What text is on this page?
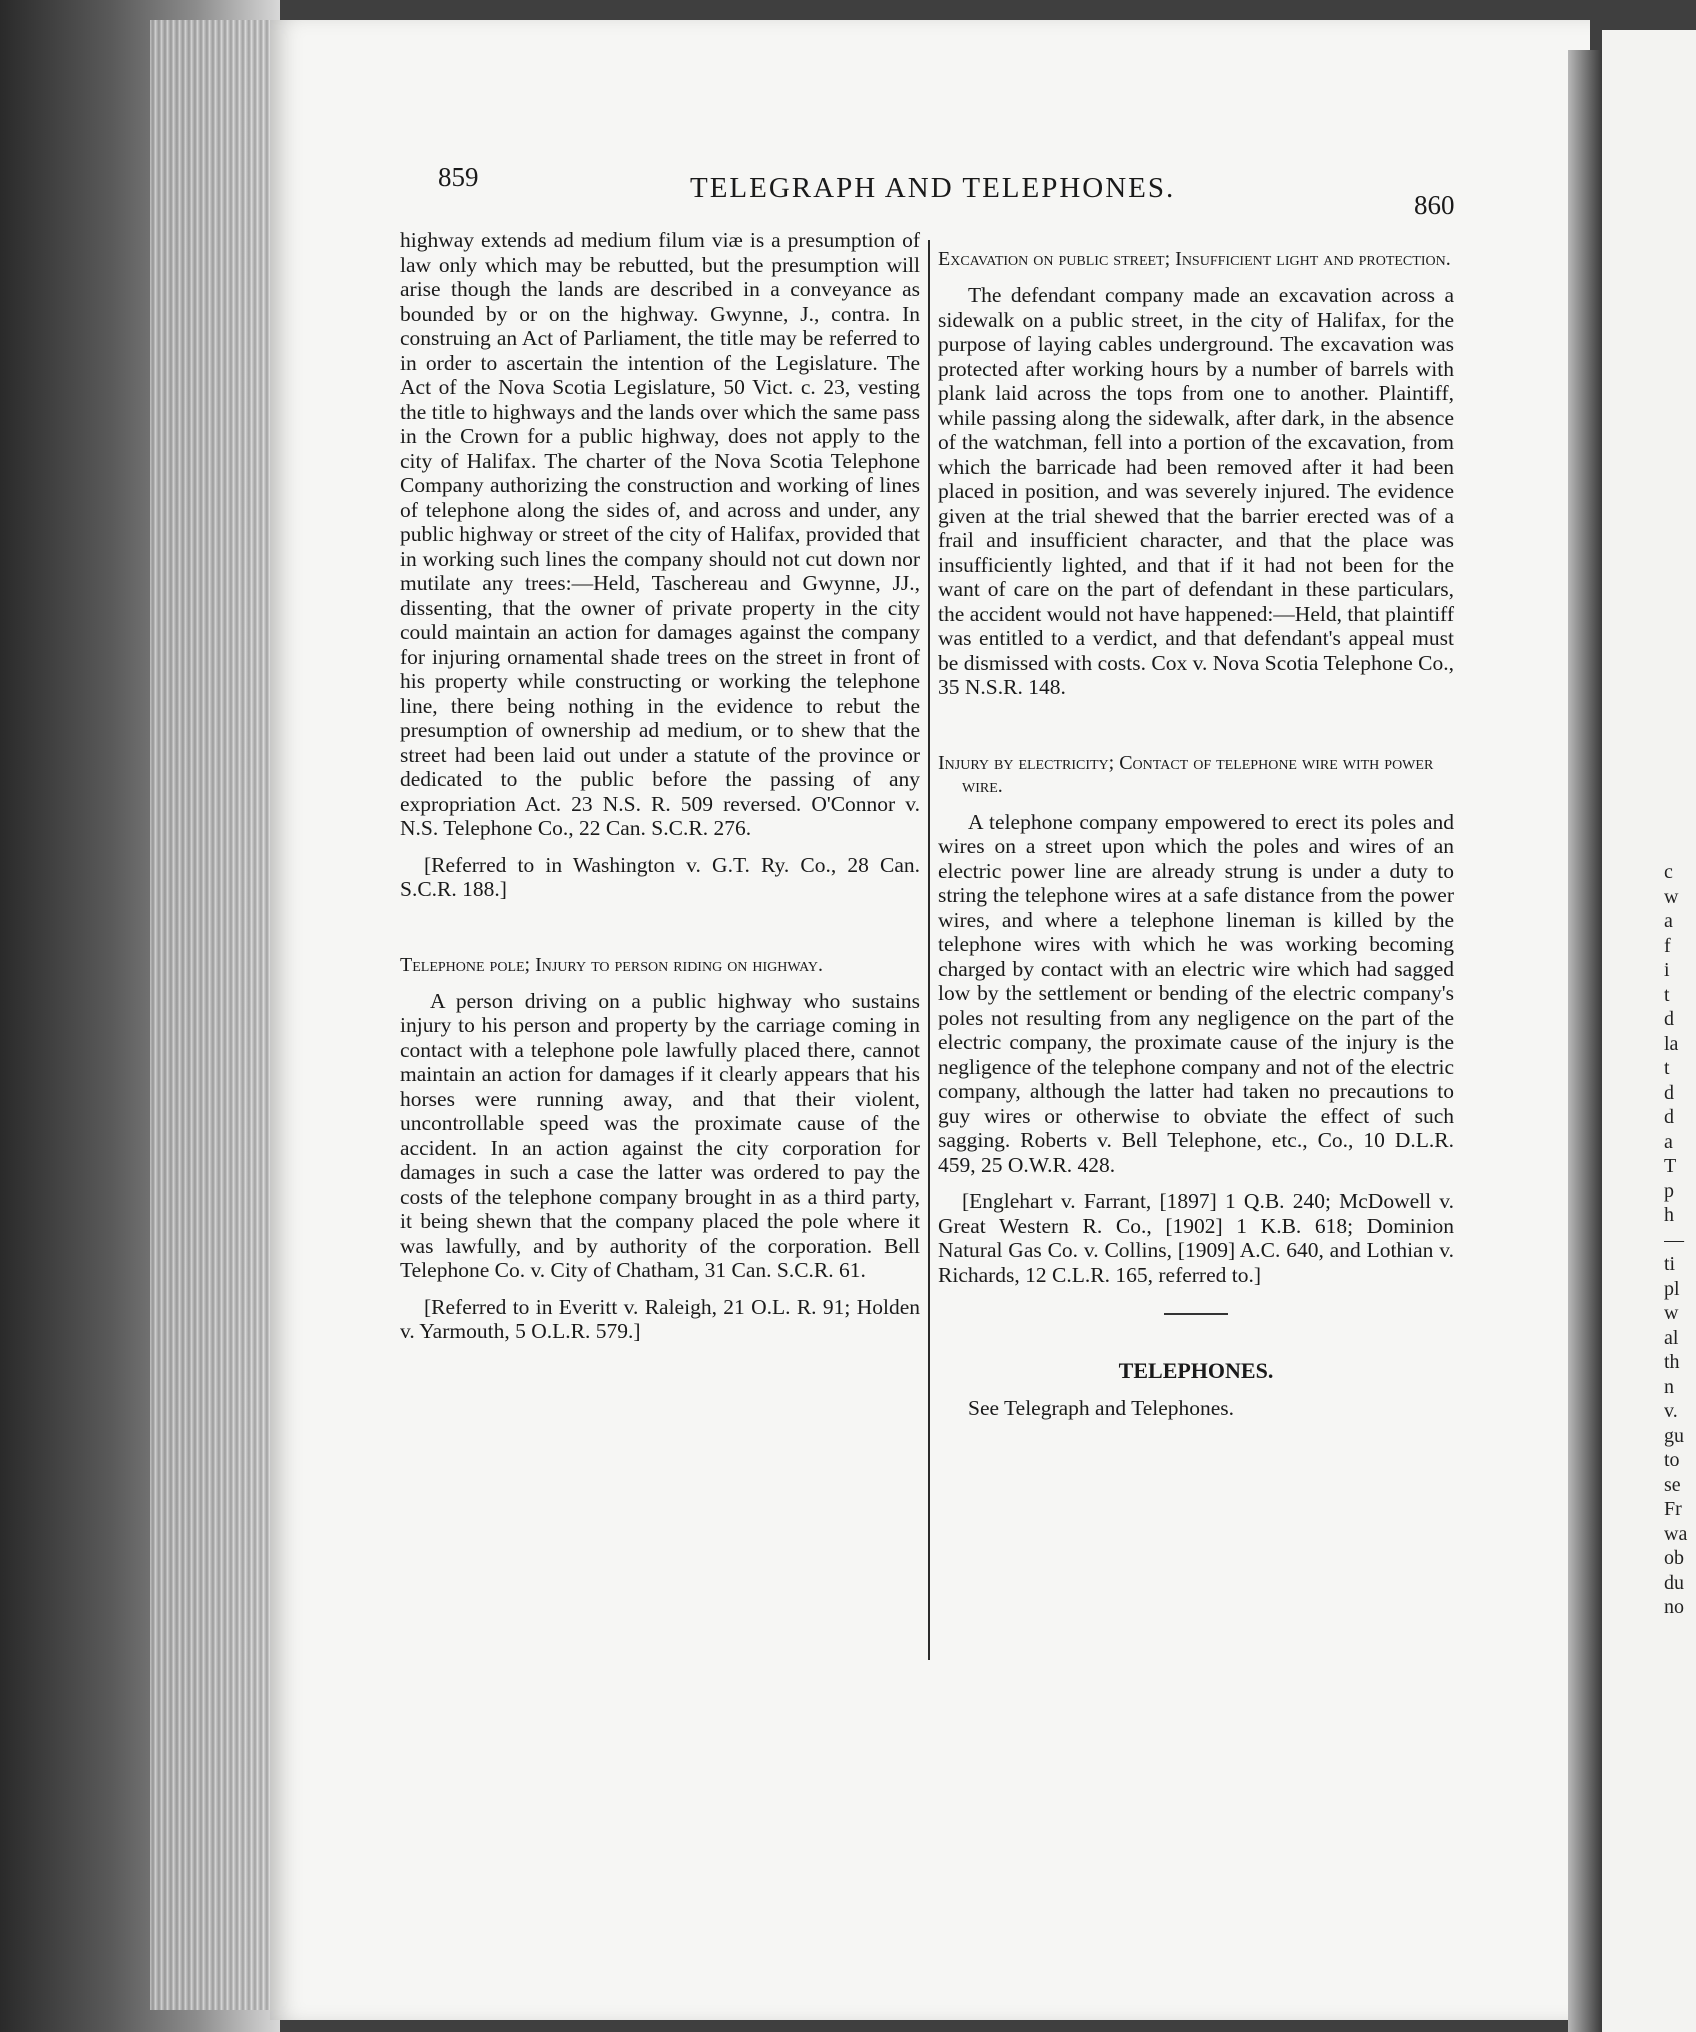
859	TELEGRAPH AND TELEPHONES.
860

highway extends ad medium filum viæ is a presumption of law only which may be rebutted, but the presumption will arise though the lands are described in a conveyance as bounded by or on the highway. Gwynne, J., contra. In construing an Act of Parliament, the title may be referred to in order to ascertain the intention of the Legislature. The Act of the Nova Scotia Legislature, 50 Vict. c. 23, vesting the title to highways and the lands over which the same pass in the Crown for a public highway, does not apply to the city of Halifax. The charter of the Nova Scotia Telephone Company authorizing the construction and working of lines of telephone along the sides of, and across and under, any public highway or street of the city of Halifax, provided that in working such lines the company should not cut down nor mutilate any trees:—Held, Taschereau and Gwynne, JJ., dissenting, that the owner of private property in the city could maintain an action for damages against the company for injuring ornamental shade trees on the street in front of his property while constructing or working the telephone line, there being nothing in the evidence to rebut the presumption of ownership ad medium, or to shew that the street had been laid out under a statute of the province or dedicated to the public before the passing of any expropriation Act. 23 N.S. R. 509 reversed. O'Connor v. N.S. Telephone Co., 22 Can. S.C.R. 276.

[Referred to in Washington v. G.T. Ry. Co., 28 Can. S.C.R. 188.]

Telephone pole; Injury to person riding on highway.

A person driving on a public highway who sustains injury to his person and property by the carriage coming in contact with a telephone pole lawfully placed there, cannot maintain an action for damages if it clearly appears that his horses were running away, and that their violent, uncontrollable speed was the proximate cause of the accident. In an action against the city corporation for damages in such a case the latter was ordered to pay the costs of the telephone company brought in as a third party, it being shewn that the company placed the pole where it was lawfully, and by authority of the corporation. Bell Telephone Co. v. City of Chatham, 31 Can. S.C.R. 61.

[Referred to in Everitt v. Raleigh, 21 O.L. R. 91; Holden v. Yarmouth, 5 O.L.R. 579.]

Excavation on public street; Insufficient light and protection.

The defendant company made an excavation across a sidewalk on a public street, in the city of Halifax, for the purpose of laying cables underground. The excavation was protected after working hours by a number of barrels with plank laid across the tops from one to another. Plaintiff, while passing along the sidewalk, after dark, in the absence of the watchman, fell into a portion of the excavation, from which the barricade had been removed after it had been placed in position, and was severely injured. The evidence given at the trial shewed that the barrier erected was of a frail and insufficient character, and that the place was insufficiently lighted, and that if it had not been for the want of care on the part of defendant in these particulars, the accident would not have happened:—Held, that plaintiff was entitled to a verdict, and that defendant's appeal must be dismissed with costs. Cox v. Nova Scotia Telephone Co., 35 N.S.R. 148.

Injury by electricity; Contact of telephone wire with power wire.

A telephone company empowered to erect its poles and wires on a street upon which the poles and wires of an electric power line are already strung is under a duty to string the telephone wires at a safe distance from the power wires, and where a telephone lineman is killed by the telephone wires with which he was working becoming charged by contact with an electric wire which had sagged low by the settlement or bending of the electric company's poles not resulting from any negligence on the part of the electric company, the proximate cause of the injury is the negligence of the telephone company and not of the electric company, although the latter had taken no precautions to guy wires or otherwise to obviate the effect of such sagging. Roberts v. Bell Telephone, etc., Co., 10 D.L.R. 459, 25 O.W.R. 428.

[Englehart v. Farrant, [1897] 1 Q.B. 240; McDowell v. Great Western R. Co., [1902] 1 K.B. 618; Dominion Natural Gas Co. v. Collins, [1909] A.C. 640, and Lothian v. Richards, 12 C.L.R. 165, referred to.]

TELEPHONES.

See Telegraph and Telephones.

c
w
a
f
i
t
d
la
t
d
d
a
T
p
h
—
ti
pl
w
al
th
n
v.
gu
to
se
Fr
wa
ob
du
no
